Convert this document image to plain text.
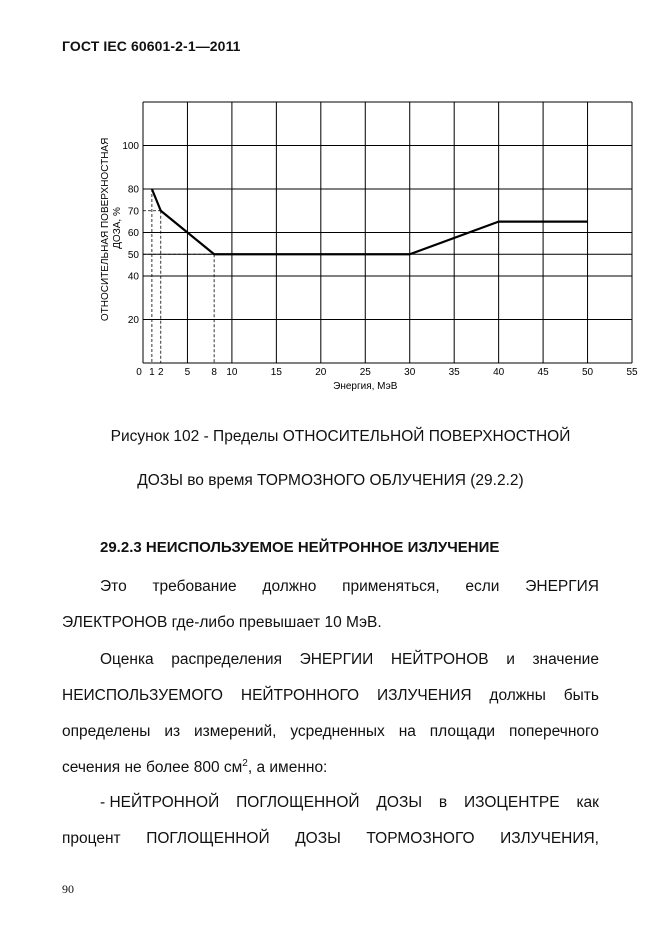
ГОСТ IEC 60601-2-1—2011
0	5	10	15	20	25	30	35	40	45	50	55
1 2	8
20
40
50
60
70
80
100
Энергия, МэВ
ОТНОСИТЕЛЬНАЯ ПОВЕРХНОСТНАЯ ДОЗА, %
Рисунок 102 - Пределы ОТНОСИТЕЛЬНОЙ ПОВЕРХНОСТНОЙ
ДОЗЫ во время ТОРМОЗНОГО ОБЛУЧЕНИЯ (29.2.2)
29.2.3 НЕИСПОЛЬЗУЕМОЕ НЕЙТРОННОЕ ИЗЛУЧЕНИЕ
Это требование должно применяться, если ЭНЕРГИЯ
ЭЛЕКТРОНОВ где-либо превышает 10 МэВ.
Оценка распределения ЭНЕРГИИ НЕЙТРОНОВ и значение
НЕИСПОЛЬЗУЕМОГО НЕЙТРОННОГО ИЗЛУЧЕНИЯ должны быть
определены из измерений, усредненных на площади поперечного
сечения не более 800 $см^2$, а именно:
- НЕЙТРОННОЙ ПОГЛОЩЕННОЙ ДОЗЫ в ИЗОЦЕНТРЕ как
процент ПОГЛОЩЕННОЙ ДОЗЫ ТОРМОЗНОГО ИЗЛУЧЕНИЯ,
90
